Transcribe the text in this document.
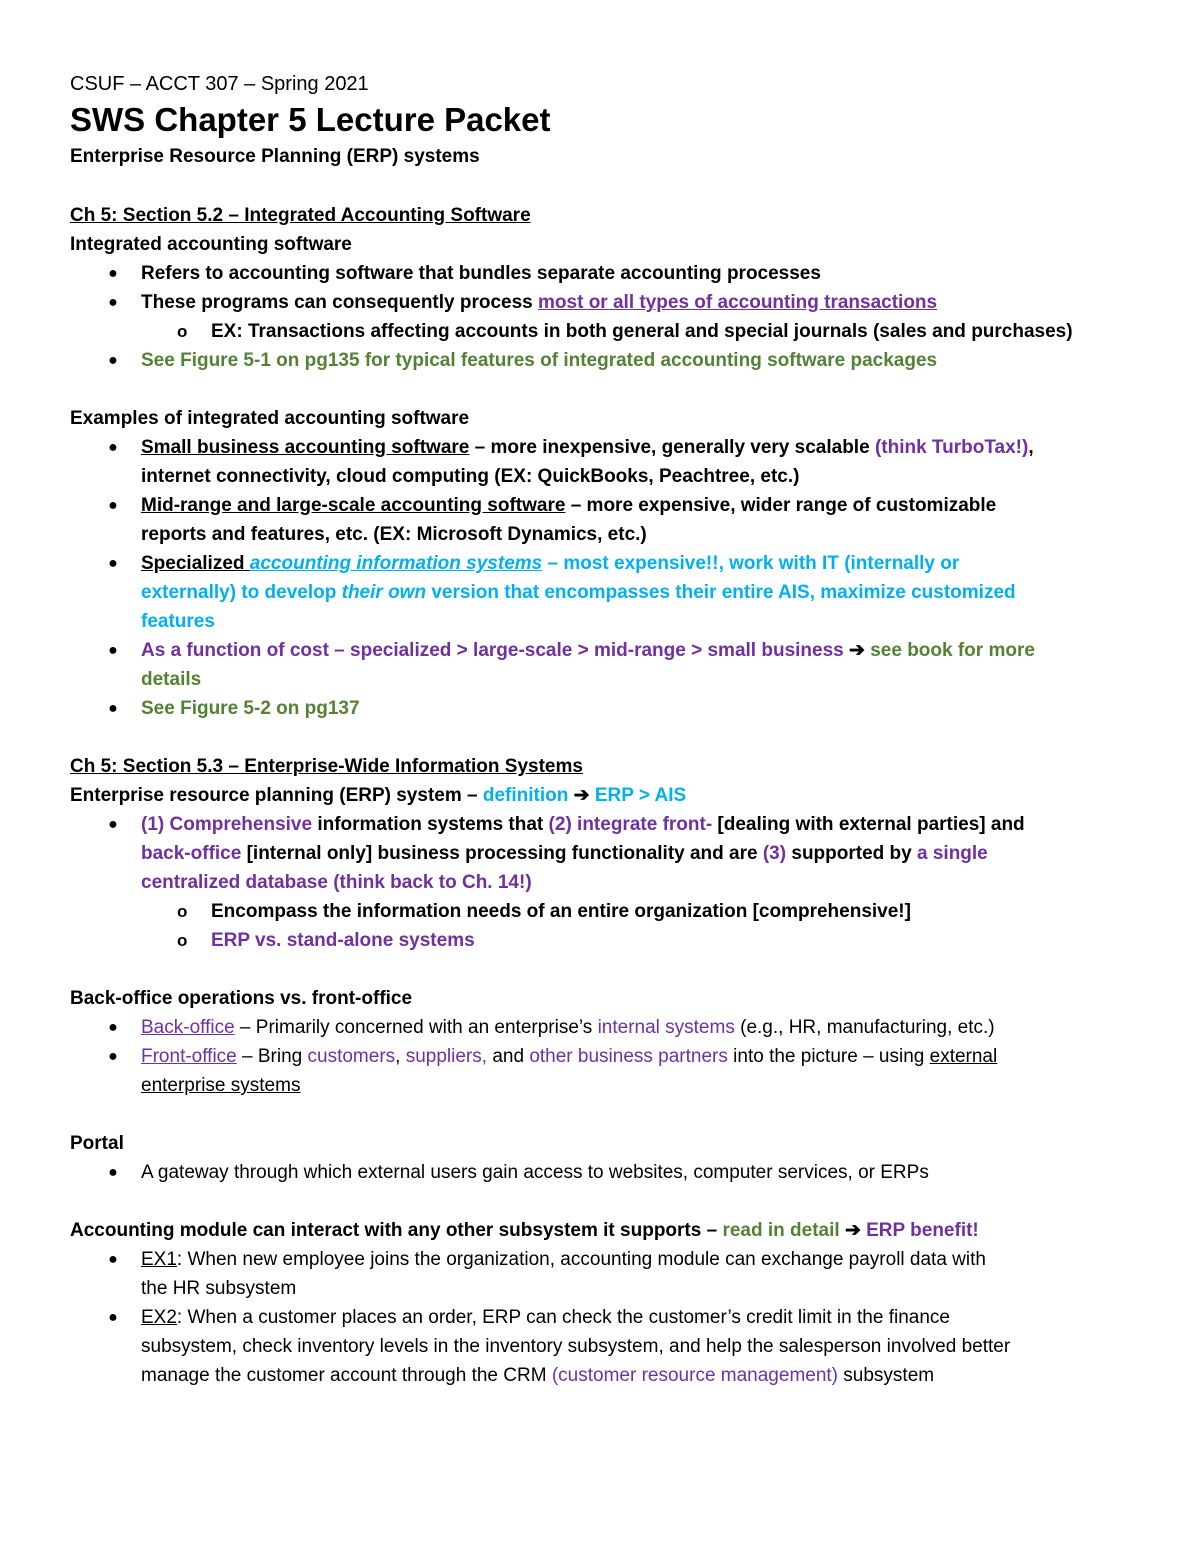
CSUF – ACCT 307 – Spring 2021
SWS Chapter 5 Lecture Packet
Enterprise Resource Planning (ERP) systems
Ch 5: Section 5.2 – Integrated Accounting Software
Integrated accounting software
● Refers to accounting software that bundles separate accounting processes
● These programs can consequently process most or all types of accounting transactions
o EX: Transactions affecting accounts in both general and special journals (sales and purchases)
● See Figure 5-1 on pg135 for typical features of integrated accounting software packages
Examples of integrated accounting software
● Small business accounting software – more inexpensive, generally very scalable (think TurboTax!),
internet connectivity, cloud computing (EX: QuickBooks, Peachtree, etc.)
● Mid-range and large-scale accounting software – more expensive, wider range of customizable
reports and features, etc. (EX: Microsoft Dynamics, etc.)
● Specialized accounting information systems – most expensive!!, work with IT (internally or
externally) to develop their own version that encompasses their entire AIS, maximize customized
features
● As a function of cost – specialized > large-scale > mid-range > small business ➔ see book for more
details
● See Figure 5-2 on pg137
Ch 5: Section 5.3 – Enterprise-Wide Information Systems
Enterprise resource planning (ERP) system – definition ➔ ERP > AIS
● (1) Comprehensive information systems that (2) integrate front- [dealing with external parties] and
back-office [internal only] business processing functionality and are (3) supported by a single
centralized database (think back to Ch. 14!)
o Encompass the information needs of an entire organization [comprehensive!]
o ERP vs. stand-alone systems
Back-office operations vs. front-office
● Back-office – Primarily concerned with an enterprise’s internal systems (e.g., HR, manufacturing, etc.)
● Front-office – Bring customers, suppliers, and other business partners into the picture – using external
enterprise systems
Portal
● A gateway through which external users gain access to websites, computer services, or ERPs
Accounting module can interact with any other subsystem it supports – read in detail ➔ ERP benefit!
● EX1: When new employee joins the organization, accounting module can exchange payroll data with
the HR subsystem
● EX2: When a customer places an order, ERP can check the customer’s credit limit in the finance
subsystem, check inventory levels in the inventory subsystem, and help the salesperson involved better
manage the customer account through the CRM (customer resource management) subsystem
